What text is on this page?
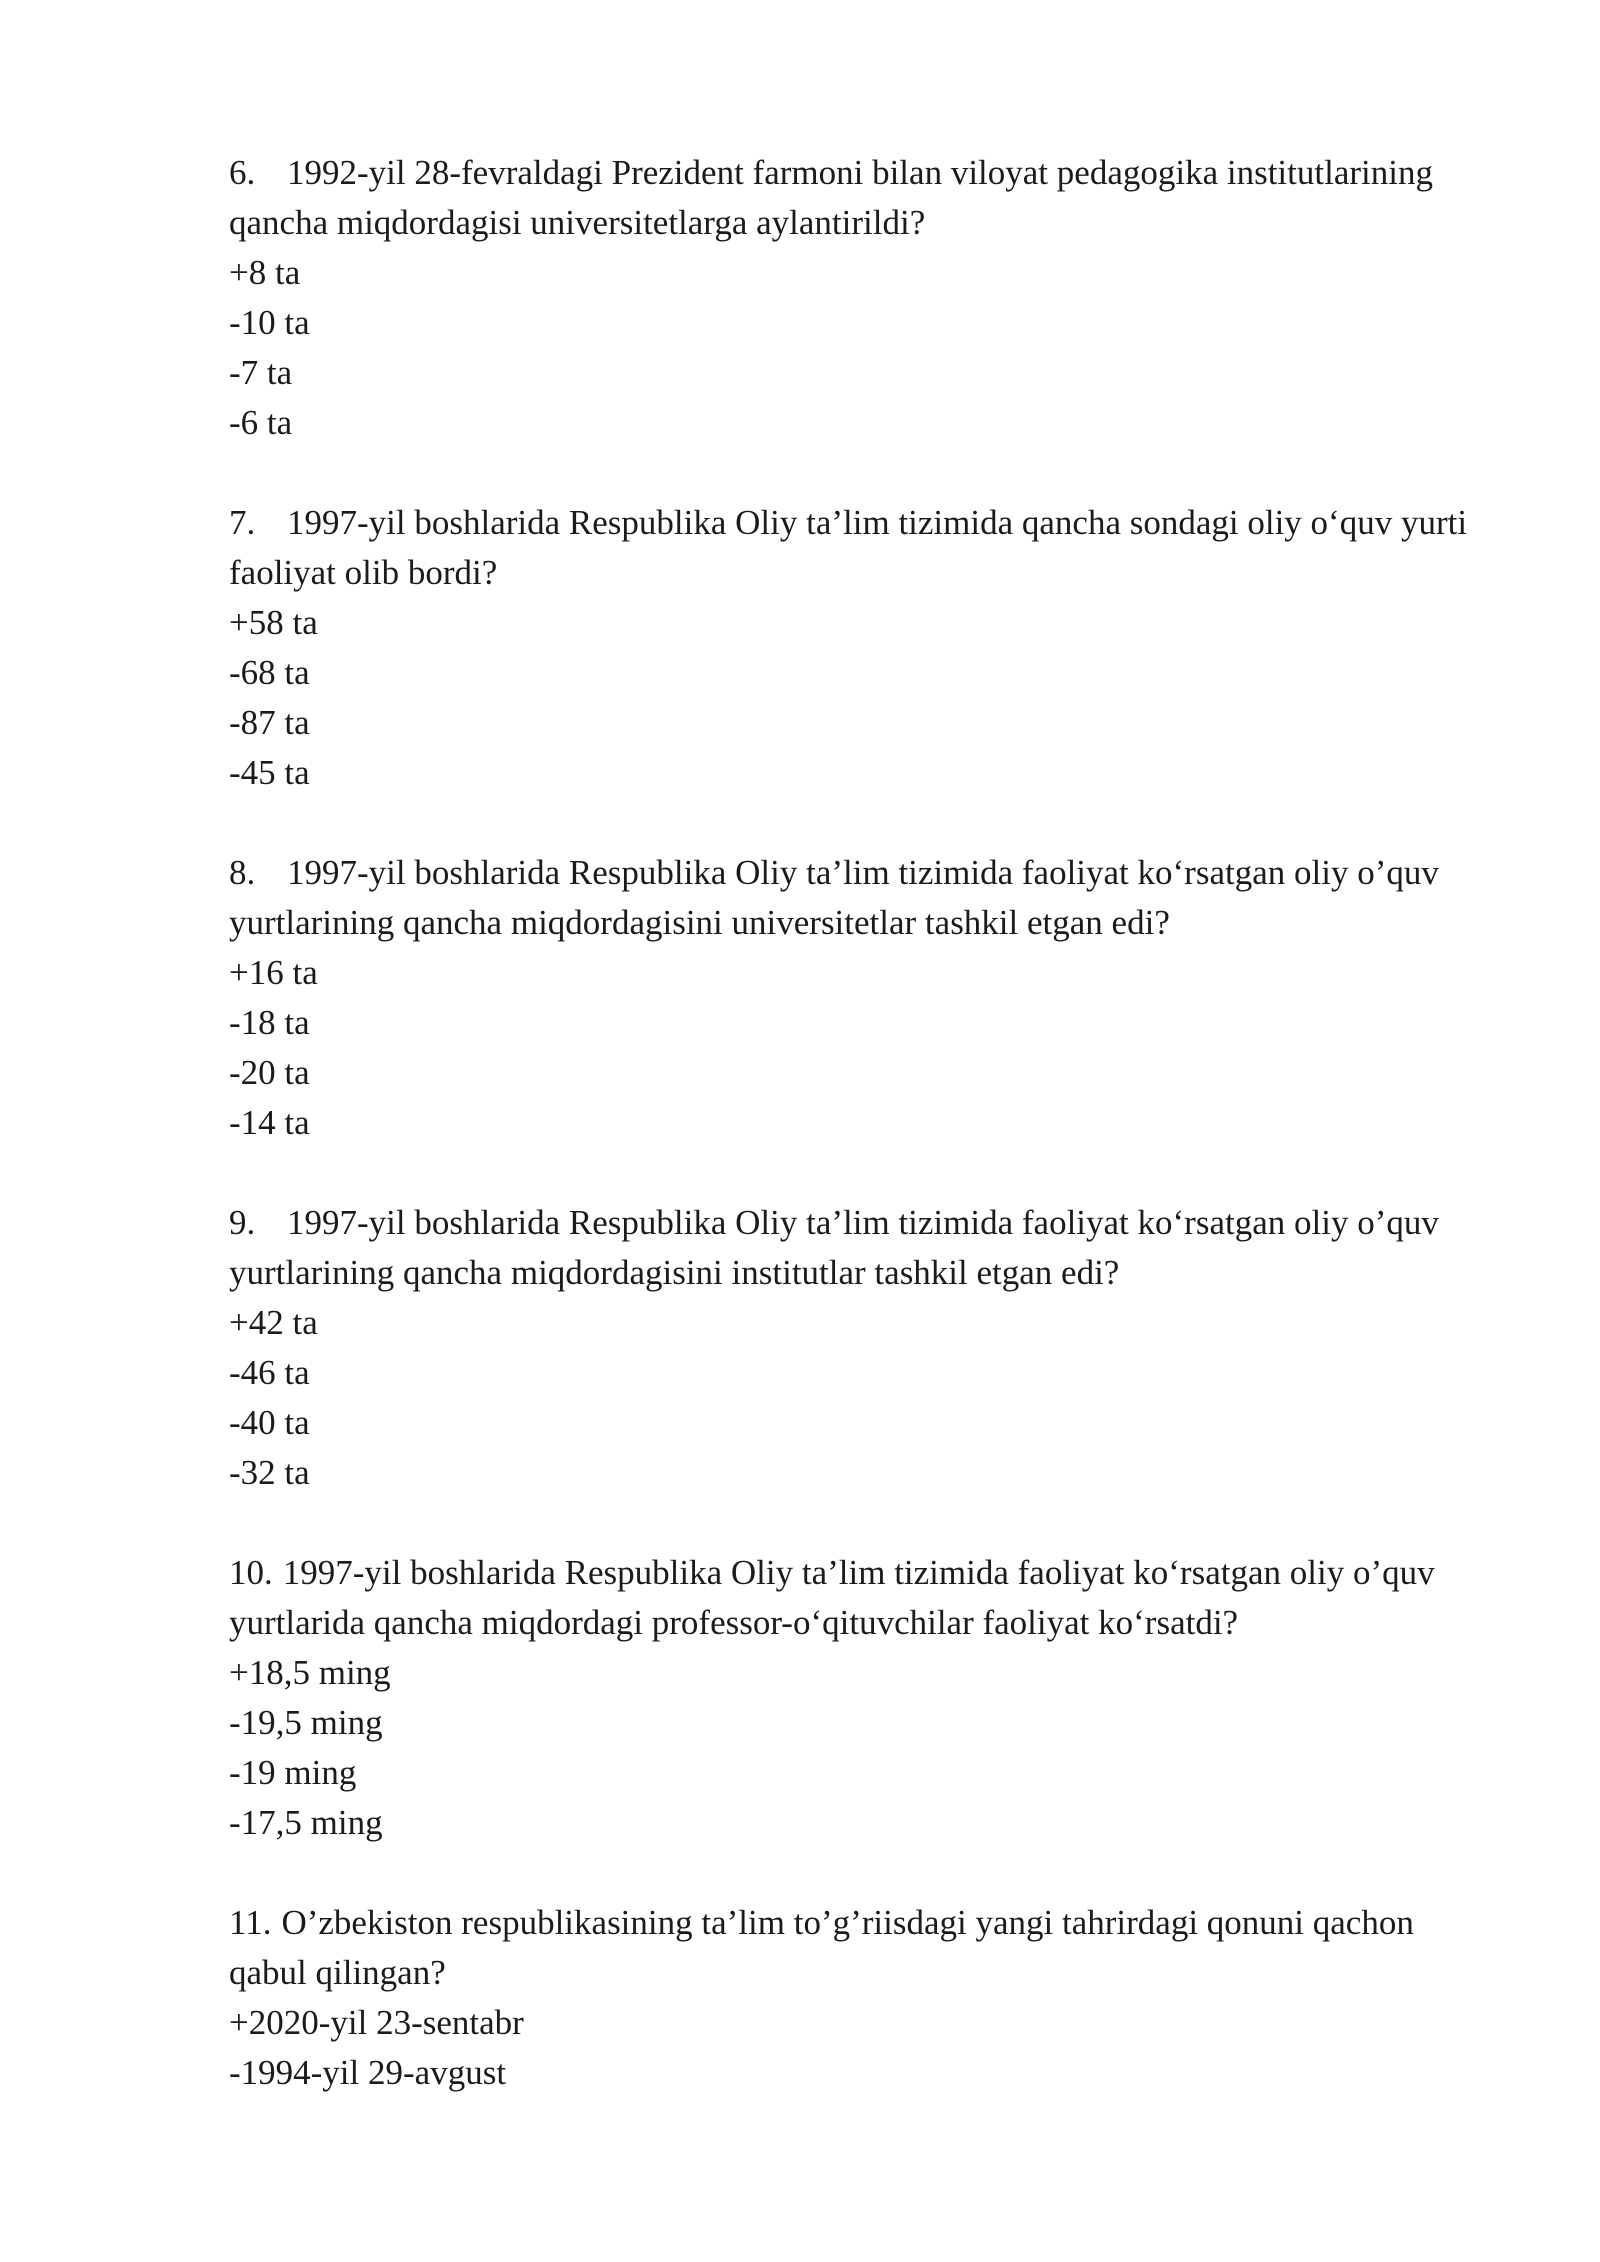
6. 1992-yil 28-fevraldagi Prezident farmoni bilan viloyat pedagogika institutlarining qancha miqdordagisi universitetlarga aylantirildi?

+8 ta
-10 ta
-7 ta
-6 ta

7. 1997-yil boshlarida Respublika Oliy ta’lim tizimida qancha sondagi oliy o‘quv yurti faoliyat olib bordi?

+58 ta
-68 ta
-87 ta
-45 ta

8. 1997-yil boshlarida Respublika Oliy ta’lim tizimida faoliyat ko‘rsatgan oliy o’quv yurtlarining qancha miqdordagisini universitetlar tashkil etgan edi?

+16 ta
-18 ta
-20 ta
-14 ta

9. 1997-yil boshlarida Respublika Oliy ta’lim tizimida faoliyat ko‘rsatgan oliy o’quv yurtlarining qancha miqdordagisini institutlar tashkil etgan edi?

+42 ta
-46 ta
-40 ta
-32 ta

10. 1997-yil boshlarida Respublika Oliy ta’lim tizimida faoliyat ko‘rsatgan oliy o’quv yurtlarida qancha miqdordagi professor-o‘qituvchilar faoliyat ko‘rsatdi?

+18,5 ming
-19,5 ming
-19 ming
-17,5 ming

11. O’zbekiston respublikasining ta’lim to’g’riisdagi yangi tahrirdagi qonuni qachon qabul qilingan?

+2020-yil 23-sentabr
-1994-yil 29-avgust
